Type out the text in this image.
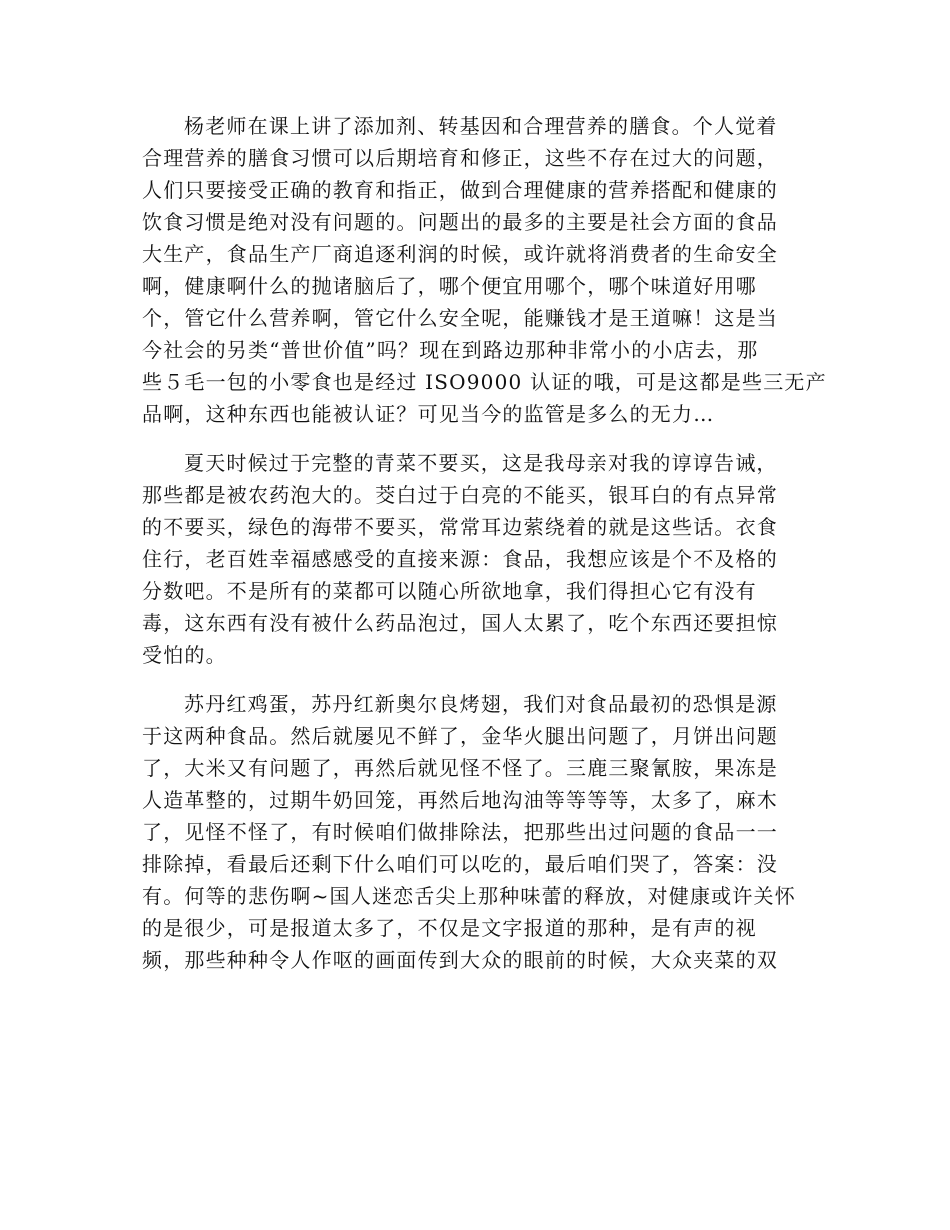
杨老师在课上讲了添加剂、转基因和合理营养的膳食。个人觉着
合理营养的膳食习惯可以后期培育和修正，这些不存在过大的问题，
人们只要接受正确的教育和指正，做到合理健康的营养搭配和健康的
饮食习惯是绝对没有问题的。问题出的最多的主要是社会方面的食品
大生产，食品生产厂商追逐利润的时候，或许就将消费者的生命安全
啊，健康啊什么的抛诸脑后了，哪个便宜用哪个，哪个味道好用哪
个，管它什么营养啊，管它什么安全呢，能赚钱才是王道嘛！这是当
今社会的另类“普世价值”吗？现在到路边那种非常小的小店去，那
些５毛一包的小零食也是经过 ISO9000 认证的哦，可是这都是些三无产
品啊，这种东西也能被认证？可见当今的监管是多么的无力…
夏天时候过于完整的青菜不要买，这是我母亲对我的谆谆告诫，
那些都是被农药泡大的。茭白过于白亮的不能买，银耳白的有点异常
的不要买，绿色的海带不要买，常常耳边萦绕着的就是这些话。衣食
住行，老百姓幸福感感受的直接来源：食品，我想应该是个不及格的
分数吧。不是所有的菜都可以随心所欲地拿，我们得担心它有没有
毒，这东西有没有被什么药品泡过，国人太累了，吃个东西还要担惊
受怕的。
苏丹红鸡蛋，苏丹红新奥尔良烤翅，我们对食品最初的恐惧是源
于这两种食品。然后就屡见不鲜了，金华火腿出问题了，月饼出问题
了，大米又有问题了，再然后就见怪不怪了。三鹿三聚氰胺，果冻是
人造革整的，过期牛奶回笼，再然后地沟油等等等等，太多了，麻木
了，见怪不怪了，有时候咱们做排除法，把那些出过问题的食品一一
排除掉，看最后还剩下什么咱们可以吃的，最后咱们哭了，答案：没
有。何等的悲伤啊~国人迷恋舌尖上那种味蕾的释放，对健康或许关怀
的是很少，可是报道太多了，不仅是文字报道的那种，是有声的视
频，那些种种令人作呕的画面传到大众的眼前的时候，大众夹菜的双
